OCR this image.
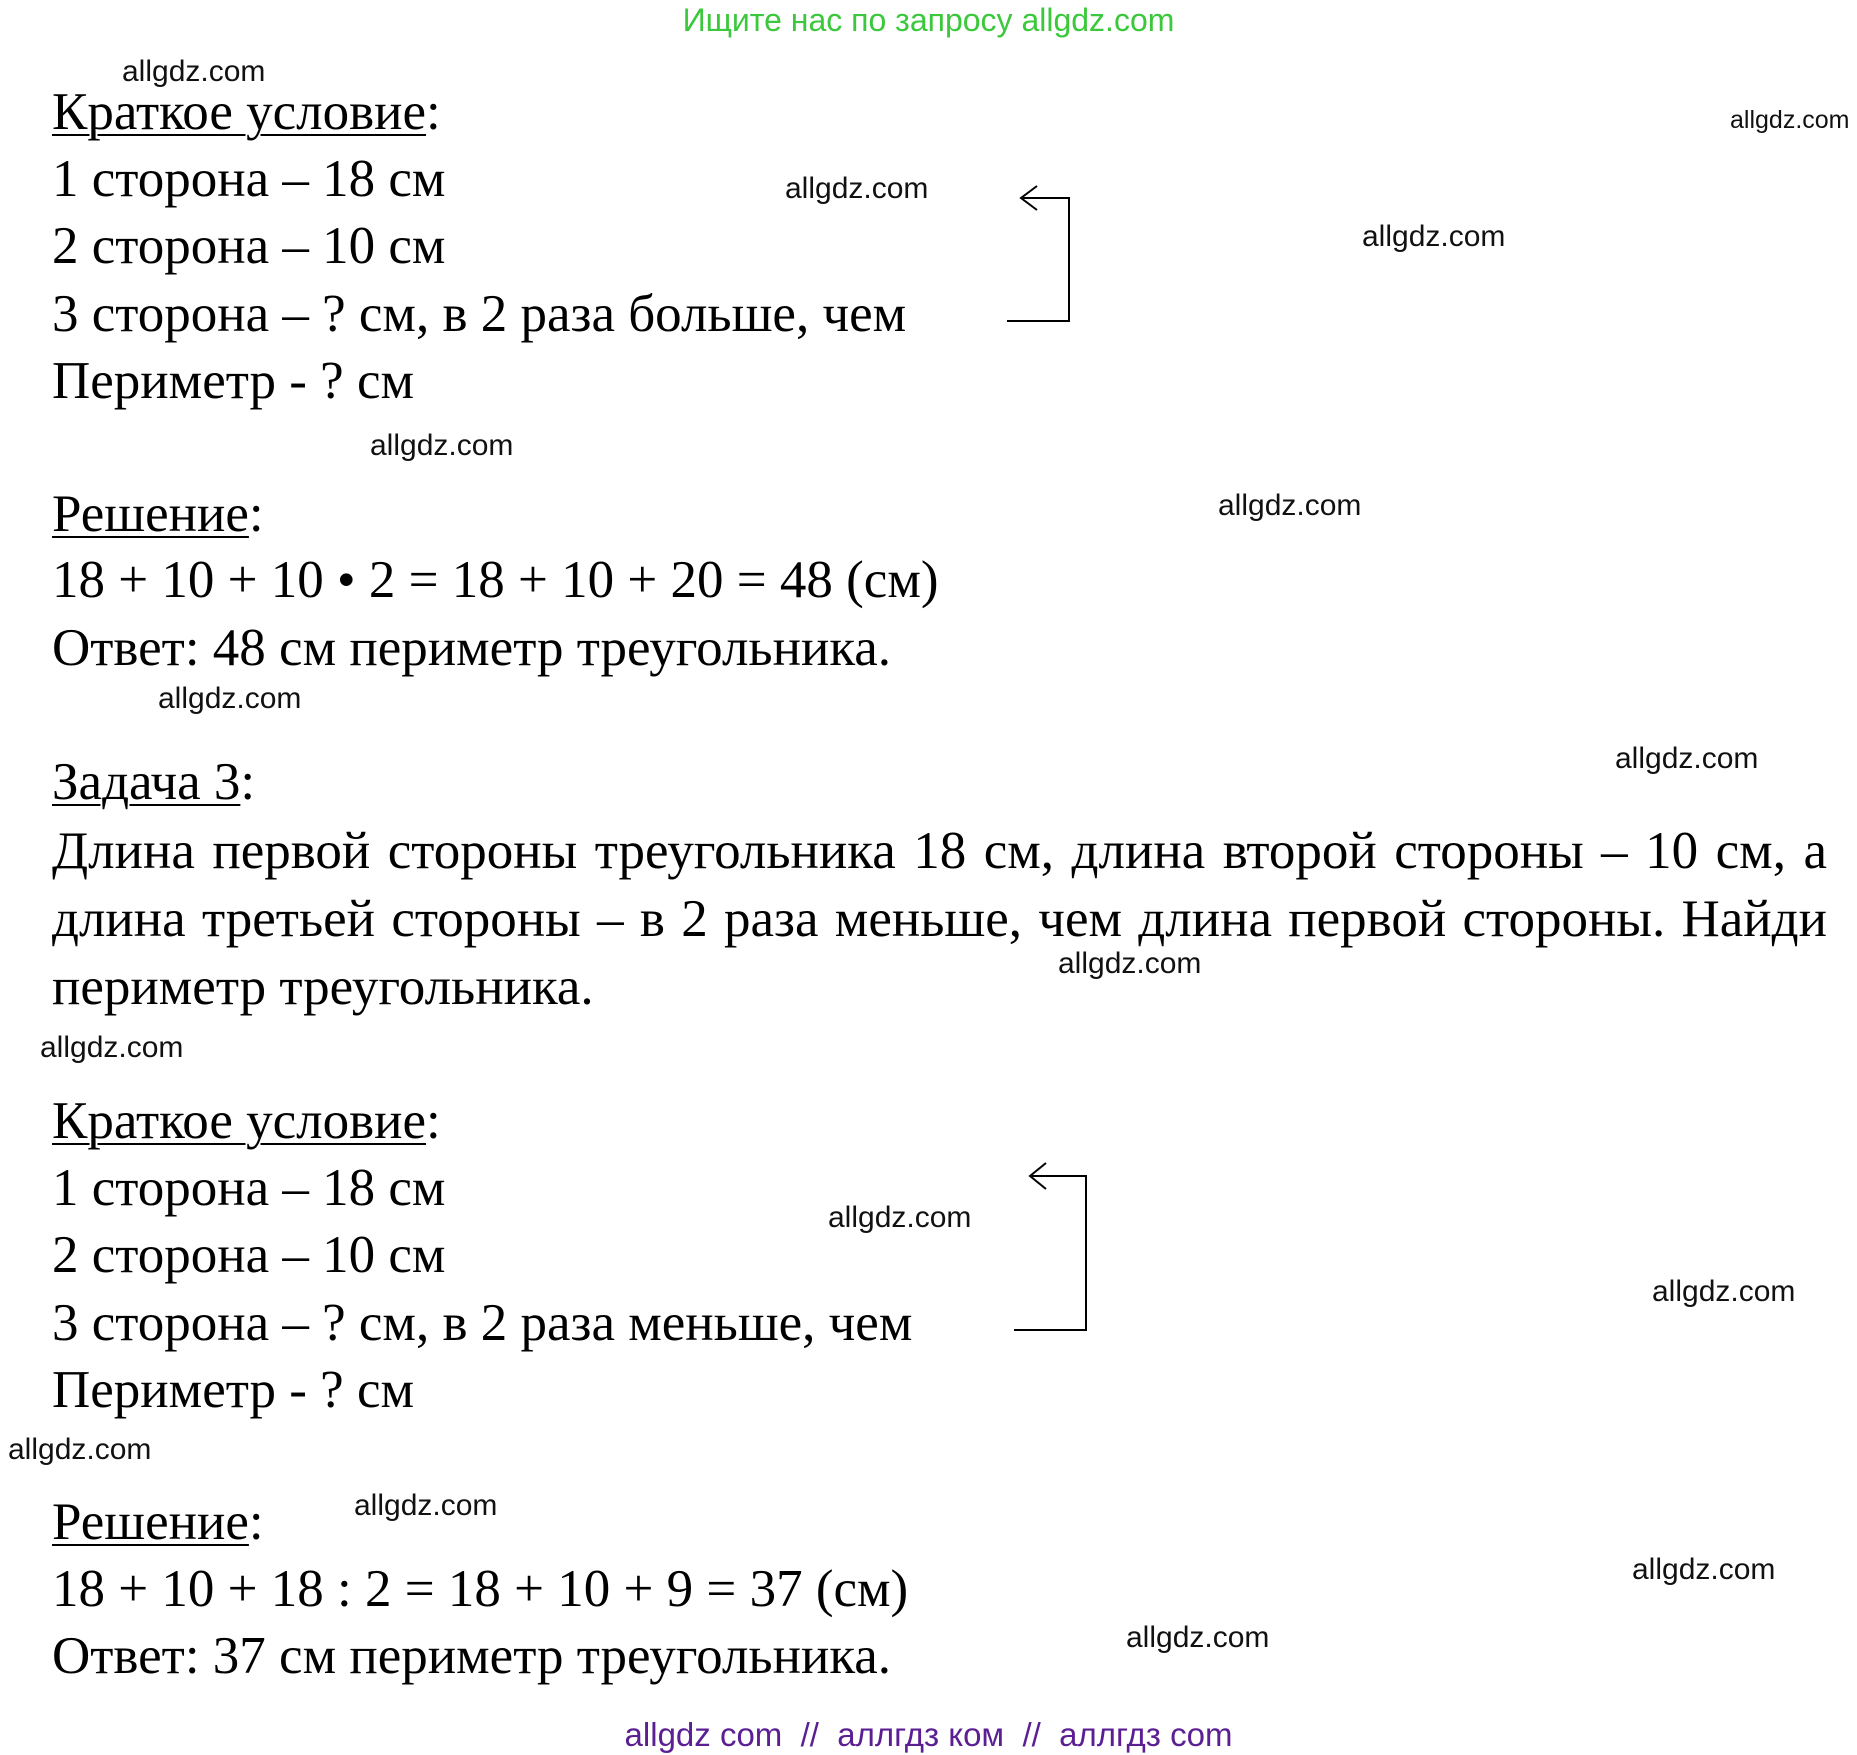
Ищите нас по запросу allgdz.com
Краткое условие:
1 сторона – 18 см
2 сторона – 10 см
3 сторона – ? см, в 2 раза больше, чем
Периметр - ? см
Решение:
18 + 10 + 10 • 2 = 18 + 10 + 20 = 48 (см)
Ответ: 48 см периметр треугольника.
Задача 3:
Длина первой стороны треугольника 18 см, длина второй стороны – 10 см, а длина третьей стороны – в 2 раза меньше, чем длина первой стороны. Найди периметр треугольника.
Краткое условие:
1 сторона – 18 см
2 сторона – 10 см
3 сторона – ? см, в 2 раза меньше, чем
Периметр - ? см
Решение:
18 + 10 + 18 : 2 = 18 + 10 + 9 = 37 (см)
Ответ: 37 см периметр треугольника.
allgdz.com
allgdz.com
allgdz.com
allgdz.com
allgdz.com
allgdz.com
allgdz.com
allgdz.com
allgdz.com
allgdz.com
allgdz.com
allgdz.com
allgdz.com
allgdz.com
allgdz.com
allgdz.com
allgdz com  //  аллгдз ком  //  аллгдз com
